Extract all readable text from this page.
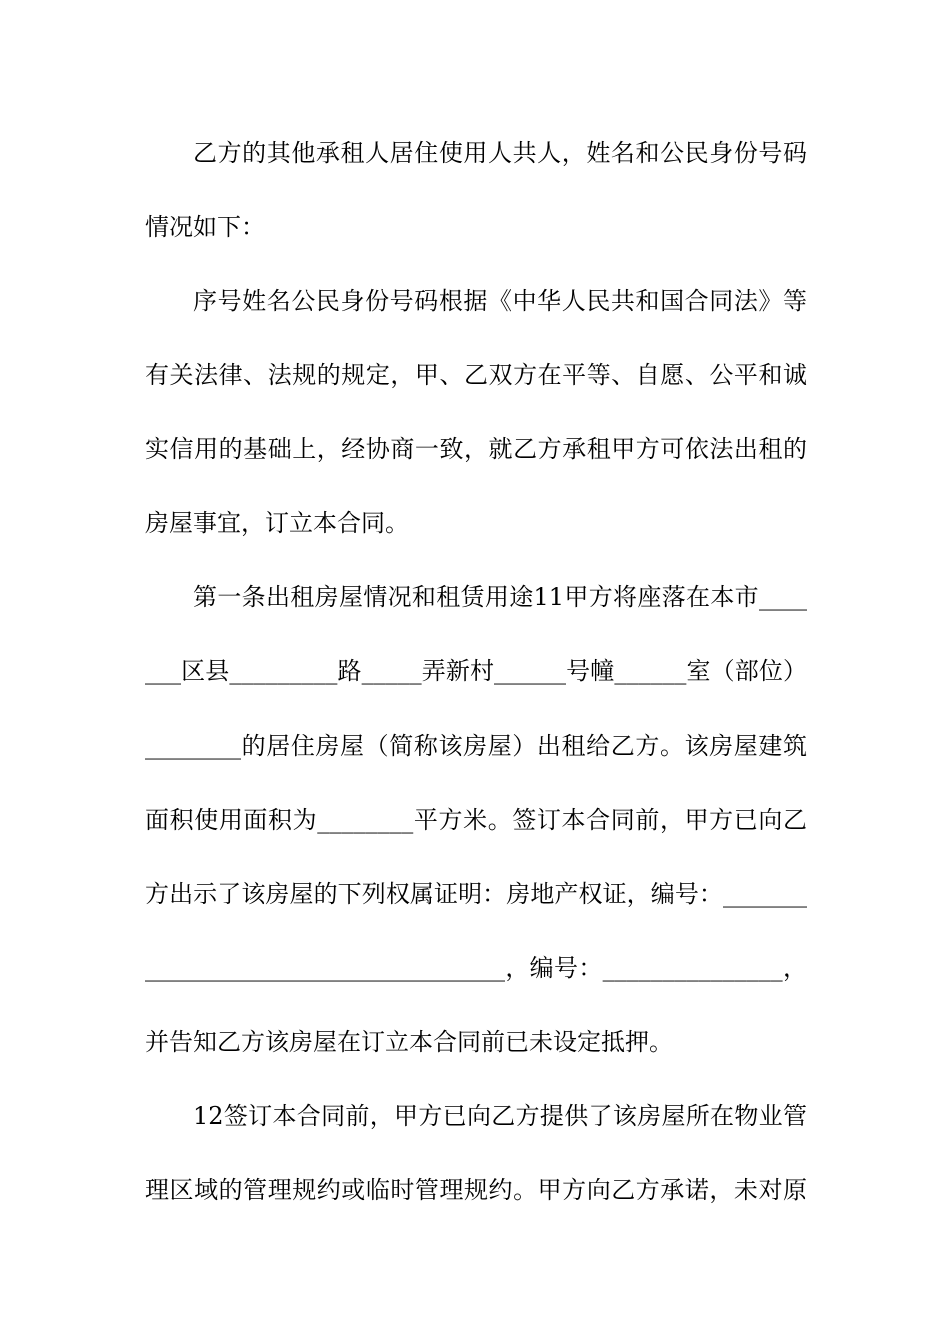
乙方的其他承租人居住使用人共人，姓名和公民身份号码
情况如下：
序号姓名公民身份号码根据《中华人民共和国合同法》等
有关法律、法规的规定，甲、乙双方在平等、自愿、公平和诚
实信用的基础上，经协商一致，就乙方承租甲方可依法出租的
房屋事宜，订立本合同。
第一条出租房屋情况和租赁用途11甲方将座落在本市____
___区县_________路_____弄新村______号幢______室（部位）
________的居住房屋（简称该房屋）出租给乙方。该房屋建筑
面积使用面积为________平方米。签订本合同前，甲方已向乙
方出示了该房屋的下列权属证明：房地产权证，编号：_______
______________________________，编号：_______________，
并告知乙方该房屋在订立本合同前已未设定抵押。
12签订本合同前，甲方已向乙方提供了该房屋所在物业管
理区域的管理规约或临时管理规约。甲方向乙方承诺，未对原
